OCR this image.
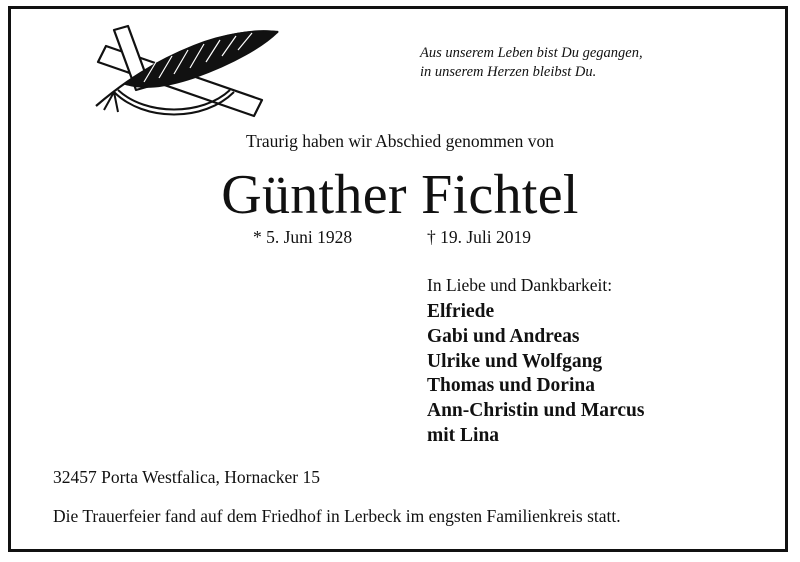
Aus unserem Leben bist Du gegangen,
in unserem Herzen bleibst Du.
Traurig haben wir Abschied genommen von
Günther Fichtel
* 5. Juni 1928	† 19. Juli 2019
In Liebe und Dankbarkeit:
Elfriede
Gabi und Andreas
Ulrike und Wolfgang
Thomas und Dorina
Ann-Christin und Marcus
mit Lina
32457 Porta Westfalica, Hornacker 15
Die Trauerfeier fand auf dem Friedhof in Lerbeck im engsten Familienkreis statt.
